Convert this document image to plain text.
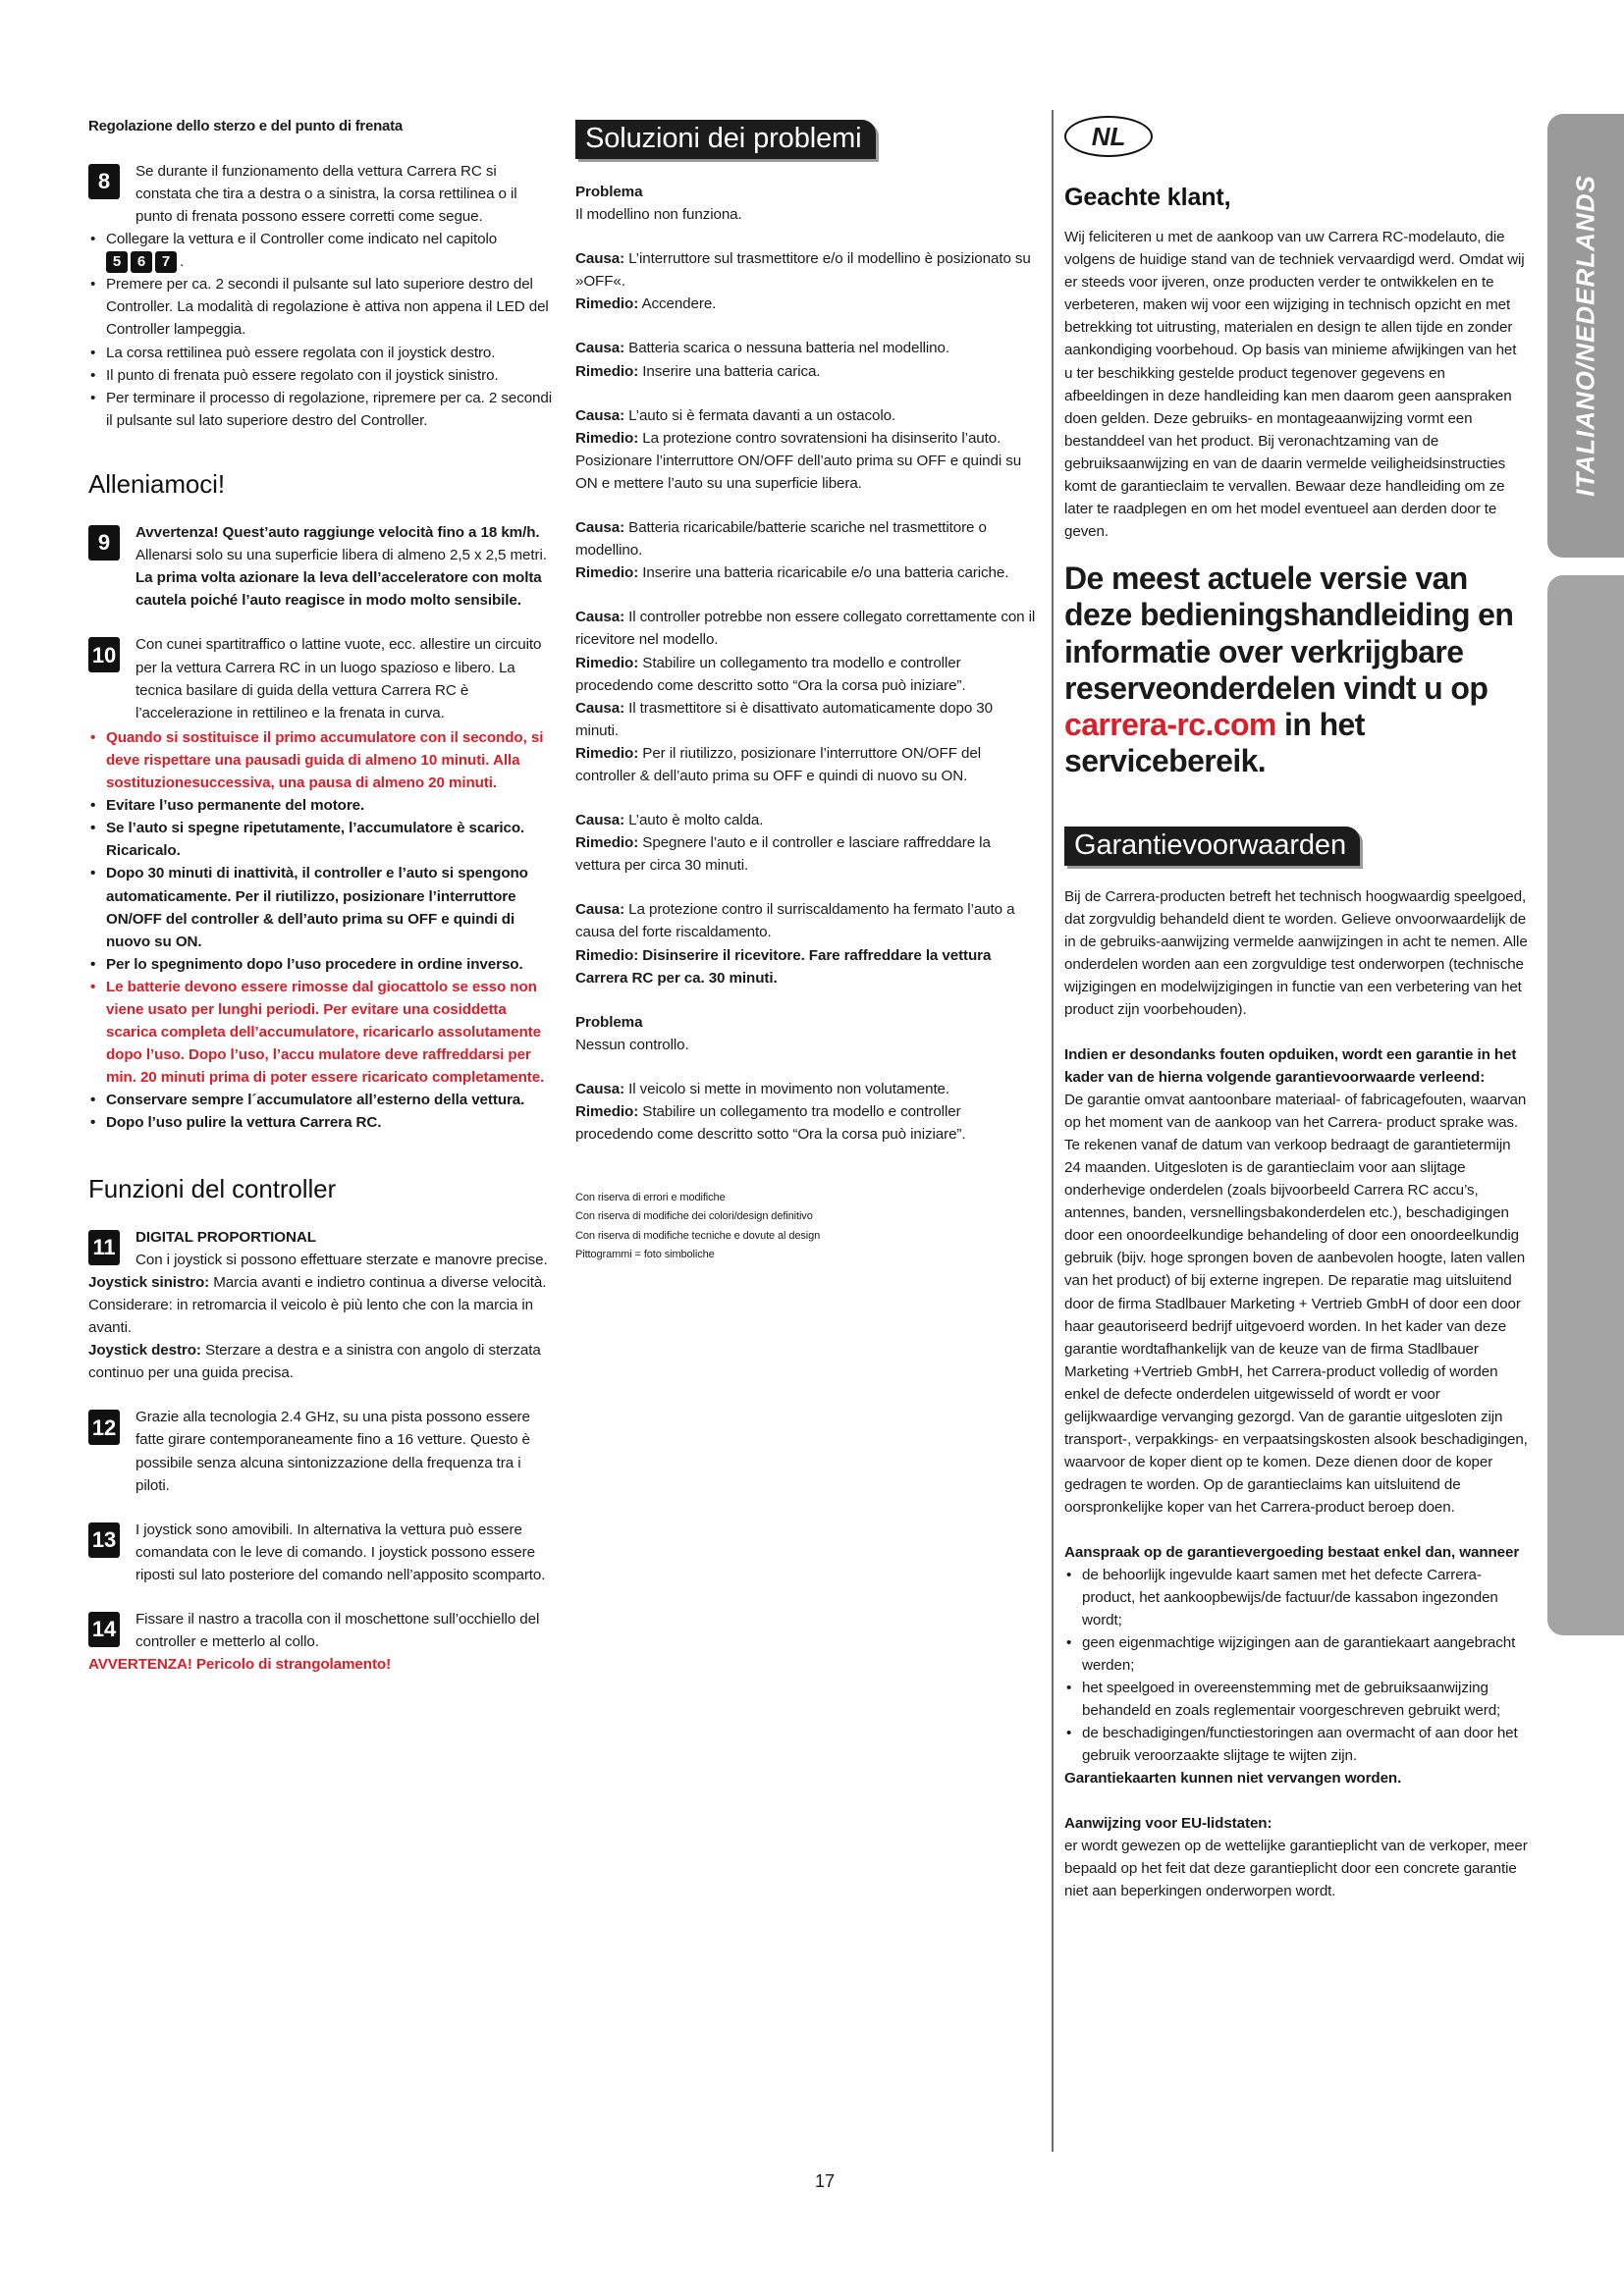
Regolazione dello sterzo e del punto di frenata

8	Se durante il funzionamento della vettura Carrera RC si constata che tira a destra o a sinistra, la corsa rettilinea o il punto di frenata possono essere corretti come segue.

• Collegare la vettura e il Controller come indicato nel capitolo
5 6 7 .

• Premere per ca. 2 secondi il pulsante sul lato superiore destro del Controller. La modalità di regolazione è attiva non appena il LED del Controller lampeggia.

• La corsa rettilinea può essere regolata con il joystick destro.

• Il punto di frenata può essere regolato con il joystick sinistro.

• Per terminare il processo di regolazione, ripremere per ca. 2 secondi il pulsante sul lato superiore destro del Controller.

Alleniamoci!
9	Avvertenza! Quest’auto raggiunge velocità fino a 18 km/h. Allenarsi solo su una superficie libera di almeno 2,5 x 2,5 metri. La prima volta azionare la leva dell’acceleratore con molta cautela poiché l’auto reagisce in modo molto sensibile.

10 Con cunei spartitraffico o lattine vuote, ecc. allestire un circuito per la vettura Carrera RC in un luogo spazioso e libero. La tecnica basilare di guida della vettura Carrera RC è l’accelerazione in rettilineo e la frenata in curva.

• Quando si sostituisce il primo accumulatore con il secondo, si deve rispettare una pausadi guida di almeno 10 minuti. Alla sostituzionesuccessiva, una pausa di almeno 20 minuti.

• Evitare l’uso permanente del motore.

• Se l’auto si spegne ripetutamente, l’accumulatore è scarico. Ricaricalo.

• Dopo 30 minuti di inattività, il controller e l’auto si spengono automaticamente. Per il riutilizzo, posizionare l’interruttore ON/OFF del controller & dell’auto prima su OFF e quindi di nuovo su ON.

• Per lo spegnimento dopo l’uso procedere in ordine inverso.

• Le batterie devono essere rimosse dal giocattolo se esso non viene usato per lunghi periodi. Per evitare una cosiddetta scarica completa dell’accumulatore, ricaricarlo assolutamente dopo l’uso. Dopo l’uso, l’accu mulatore deve raffreddarsi per min. 20 minuti prima di poter essere ricaricato completamente.

• Conservare sempre l´accumulatore all’esterno della vettura.

• Dopo l’uso pulire la vettura Carrera RC.

Funzioni del controller
11 DIGITAL PROPORTIONAL

Con i joystick si possono effettuare sterzate e manovre precise.

Joystick sinistro: Marcia avanti e indietro continua a diverse velocità. Considerare: in retromarcia il veicolo è più lento che con la marcia in avanti.

Joystick destro: Sterzare a destra e a sinistra con angolo di sterzata continuo per una guida precisa.

12 Grazie alla tecnologia 2.4 GHz, su una pista possono essere fatte girare contemporaneamente fino a 16 vetture. Questo è possibile senza alcuna sintonizzazione della frequenza tra i piloti.

13 I joystick sono amovibili. In alternativa la vettura può essere comandata con le leve di comando. I joystick possono essere riposti sul lato posteriore del comando nell’apposito scomparto.

14 Fissare il nastro a tracolla con il moschettone sull’occhiello del controller e metterlo al collo.

AVVERTENZA! Pericolo di strangolamento!

Soluzioni dei problemi

Problema

Il modellino non funziona.

Causa: L’interruttore sul trasmettitore e/o il modellino è posizionato su »OFF«.

Rimedio: Accendere.

Causa: Batteria scarica o nessuna batteria nel modellino.

Rimedio: Inserire una batteria carica.

Causa: L’auto si è fermata davanti a un ostacolo.

Rimedio: La protezione contro sovratensioni ha disinserito l’auto. Posizionare l’interruttore ON/OFF dell’auto prima su OFF e quindi su ON e mettere l’auto su una superficie libera.

Causa: Batteria ricaricabile/batterie scariche nel trasmettitore o modellino.

Rimedio: Inserire una batteria ricaricabile e/o una batteria cariche.

Causa: Il controller potrebbe non essere collegato correttamente con il ricevitore nel modello.

Rimedio: Stabilire un collegamento tra modello e controller procedendo come descritto sotto “Ora la corsa può iniziare”.

Causa: Il trasmettitore si è disattivato automaticamente dopo 30 minuti.

Rimedio: Per il riutilizzo, posizionare l’interruttore ON/OFF del controller & dell’auto prima su OFF e quindi di nuovo su ON.

Causa: L’auto è molto calda.

Rimedio: Spegnere l’auto e il controller e lasciare raffreddare la vettura per circa 30 minuti.

Causa: La protezione contro il surriscaldamento ha fermato l’auto a causa del forte riscaldamento.

Rimedio: Disinserire il ricevitore. Fare raffreddare la vettura Carrera RC per ca. 30 minuti.

Problema

Nessun controllo.

Causa: Il veicolo si mette in movimento non volutamente.

Rimedio: Stabilire un collegamento tra modello e controller procedendo come descritto sotto “Ora la corsa può iniziare”.

Con riserva di errori e modifiche

Con riserva di modifiche dei colori/design definitivo

Con riserva di modifiche tecniche e dovute al design

Pittogrammi = foto simboliche

NL
Geachte klant,

Wij feliciteren u met de aankoop van uw Carrera RC-modelauto, die volgens de huidige stand van de techniek vervaardigd werd. Omdat wij er steeds voor ijveren, onze producten verder te ontwikkelen en te verbeteren, maken wij voor een wijziging in technisch opzicht en met betrekking tot uitrusting, materialen en design te allen tijde en zonder aankondiging voorbehoud. Op basis van minieme afwijkingen van het u ter beschikking gestelde product tegenover gegevens en afbeeldingen in deze handleiding kan men daarom geen aanspraken doen gelden. Deze gebruiks- en montageaanwijzing vormt een bestanddeel van het product. Bij veronachtzaming van de gebruiksaanwijzing en van de daarin vermelde veiligheidsinstructies komt de garantieclaim te vervallen. Bewaar deze handleiding om ze later te raadplegen en om het model eventueel aan derden door te geven.

De meest actuele versie van deze bedieningshandleiding en informatie over verkrijgbare reserveonderdelen vindt u op carrera-rc.com in het servicebereik.

Garantievoorwaarden

Bij de Carrera-producten betreft het technisch hoogwaardig speelgoed, dat zorgvuldig behandeld dient te worden. Gelieve onvoorwaardelijk de in de gebruiks-aanwijzing vermelde aanwijzingen in acht te nemen. Alle onderdelen worden aan een zorgvuldige test onderworpen (technische wijzigingen en modelwijzigingen in functie van een verbetering van het product zijn voorbehouden).

Indien er desondanks fouten opduiken, wordt een garantie in het kader van de hierna volgende garantievoorwaarde verleend:

De garantie omvat aantoonbare materiaal- of fabricagefouten, waarvan op het moment van de aankoop van het Carrera- product sprake was. Te rekenen vanaf de datum van verkoop bedraagt de garantietermijn 24 maanden. Uitgesloten is de garantieclaim voor aan slijtage onderhevige onderdelen (zoals bijvoorbeeld Carrera RC accu’s, antennes, banden, versnellingsbakonderdelen etc.), beschadigingen door een onoordeelkundige behandeling of door een onoordeelkundig gebruik (bijv. hoge sprongen boven de aanbevolen hoogte, laten vallen van het product) of bij externe ingrepen. De reparatie mag uitsluitend door de firma Stadlbauer Marketing + Vertrieb GmbH of door een door haar geautoriseerd bedrijf uitgevoerd worden. In het kader van deze garantie wordtafhankelijk van de keuze van de firma Stadlbauer Marketing +Vertrieb GmbH, het Carrera-product volledig of worden enkel de defecte onderdelen uitgewisseld of wordt er voor gelijkwaardige vervanging gezorgd. Van de garantie uitgesloten zijn transport-, verpakkings- en verpaatsingskosten alsook beschadigingen, waarvoor de koper dient op te komen. Deze dienen door de koper gedragen te worden. Op de garantieclaims kan uitsluitend de oorspronkelijke koper van het Carrera-product beroep doen.

Aanspraak op de garantievergoeding bestaat enkel dan, wanneer

• de behoorlijk ingevulde kaart samen met het defecte Carrera-product, het aankoopbewijs/de factuur/de kassabon ingezonden wordt;

• geen eigenmachtige wijzigingen aan de garantiekaart aangebracht werden;

• het speelgoed in overeenstemming met de gebruiksaanwijzing behandeld en zoals reglementair voorgeschreven gebruikt werd;

• de beschadigingen/functiestoringen aan overmacht of aan door het gebruik veroorzaakte slijtage te wijten zijn.

Garantiekaarten kunnen niet vervangen worden.

Aanwijzing voor EU-lidstaten:

er wordt gewezen op de wettelijke garantieplicht van de verkoper, meer bepaald op het feit dat deze garantieplicht door een concrete garantie niet aan beperkingen onderworpen wordt.

ITALIANO/NEDERLANDS
17
